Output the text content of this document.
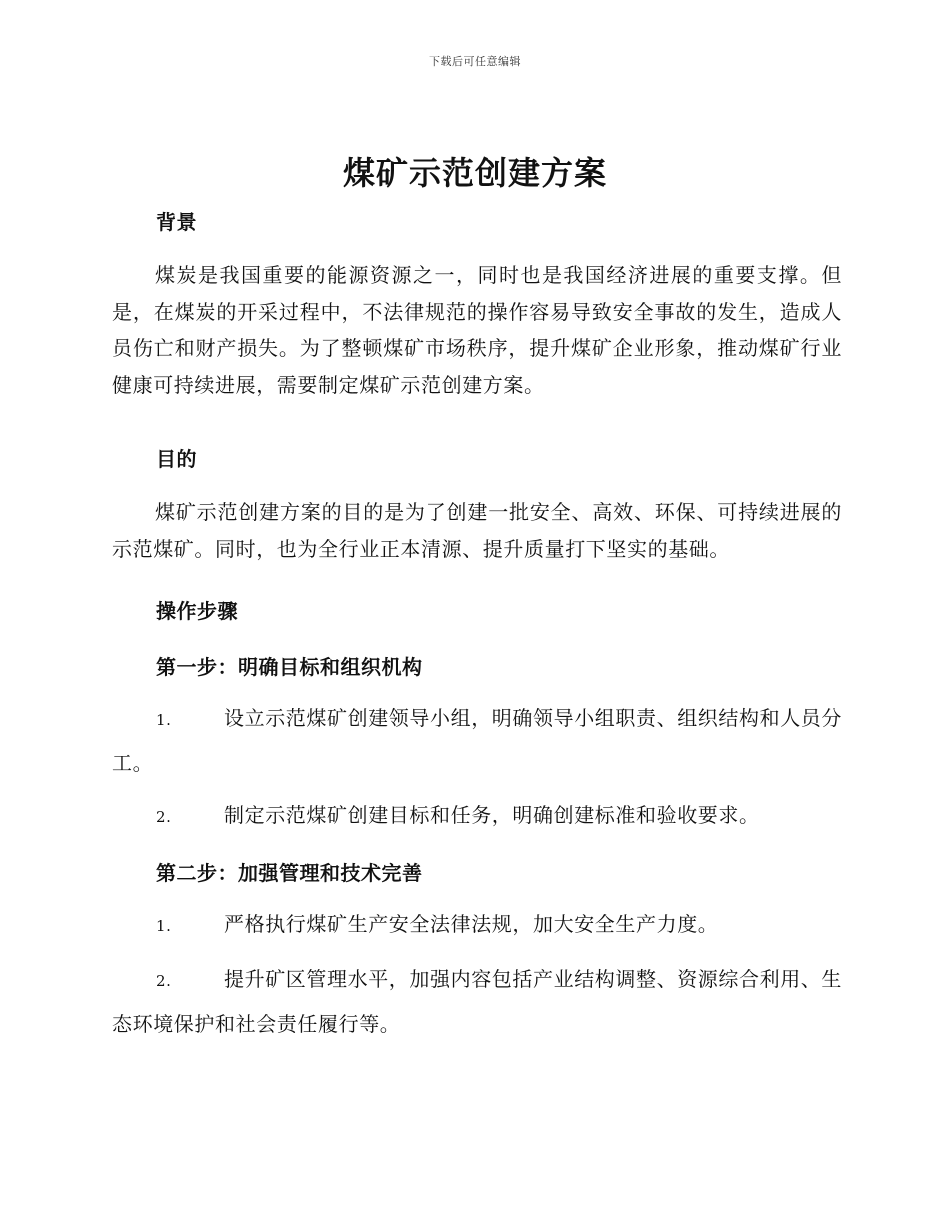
下载后可任意编辑
煤矿示范创建方案
背景
煤炭是我国重要的能源资源之一，同时也是我国经济进展的重要支撑。但是，在煤炭的开采过程中，不法律规范的操作容易导致安全事故的发生，造成人员伤亡和财产损失。为了整顿煤矿市场秩序，提升煤矿企业形象，推动煤矿行业健康可持续进展，需要制定煤矿示范创建方案。
目的
煤矿示范创建方案的目的是为了创建一批安全、高效、环保、可持续进展的示范煤矿。同时，也为全行业正本清源、提升质量打下坚实的基础。
操作步骤
第一步：明确目标和组织机构
1.	设立示范煤矿创建领导小组，明确领导小组职责、组织结构和人员分工。
2.	制定示范煤矿创建目标和任务，明确创建标准和验收要求。
第二步：加强管理和技术完善
1.	严格执行煤矿生产安全法律法规，加大安全生产力度。
2.	提升矿区管理水平，加强内容包括产业结构调整、资源综合利用、生态环境保护和社会责任履行等。
